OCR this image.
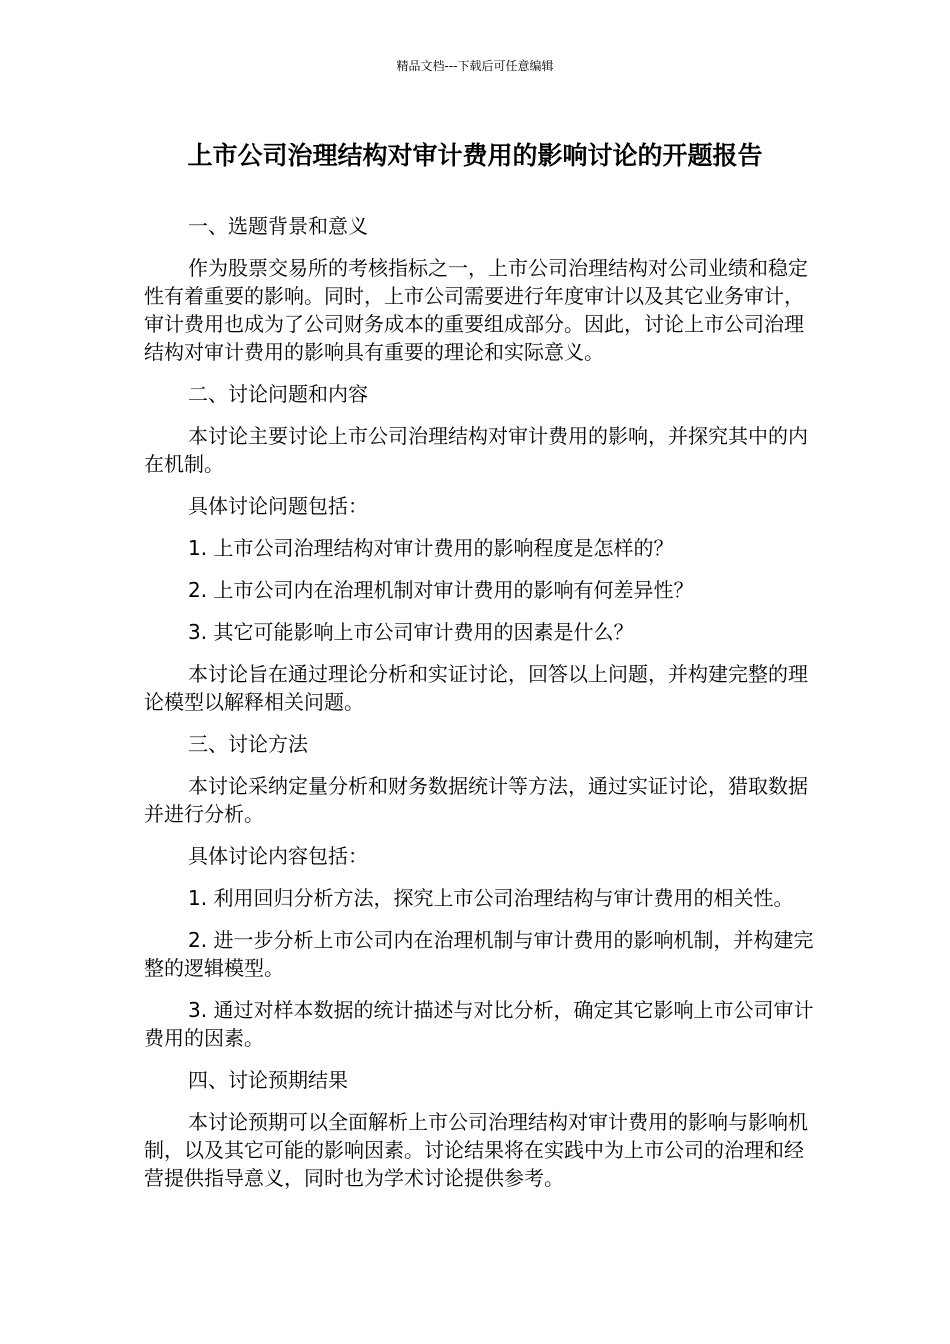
精品文档---下载后可任意编辑
上市公司治理结构对审计费用的影响讨论的开题报告

一、选题背景和意义

作为股票交易所的考核指标之一，上市公司治理结构对公司业绩和稳定性有着重要的影响。同时，上市公司需要进行年度审计以及其它业务审计，审计费用也成为了公司财务成本的重要组成部分。因此，讨论上市公司治理结构对审计费用的影响具有重要的理论和实际意义。

二、讨论问题和内容

本讨论主要讨论上市公司治理结构对审计费用的影响，并探究其中的内在机制。

具体讨论问题包括：

1. 上市公司治理结构对审计费用的影响程度是怎样的？

2. 上市公司内在治理机制对审计费用的影响有何差异性？

3. 其它可能影响上市公司审计费用的因素是什么？

本讨论旨在通过理论分析和实证讨论，回答以上问题，并构建完整的理论模型以解释相关问题。

三、讨论方法

本讨论采纳定量分析和财务数据统计等方法，通过实证讨论，猎取数据并进行分析。

具体讨论内容包括：

1. 利用回归分析方法，探究上市公司治理结构与审计费用的相关性。

2. 进一步分析上市公司内在治理机制与审计费用的影响机制，并构建完整的逻辑模型。

3. 通过对样本数据的统计描述与对比分析，确定其它影响上市公司审计费用的因素。

四、讨论预期结果

本讨论预期可以全面解析上市公司治理结构对审计费用的影响与影响机制，以及其它可能的影响因素。讨论结果将在实践中为上市公司的治理和经营提供指导意义，同时也为学术讨论提供参考。
